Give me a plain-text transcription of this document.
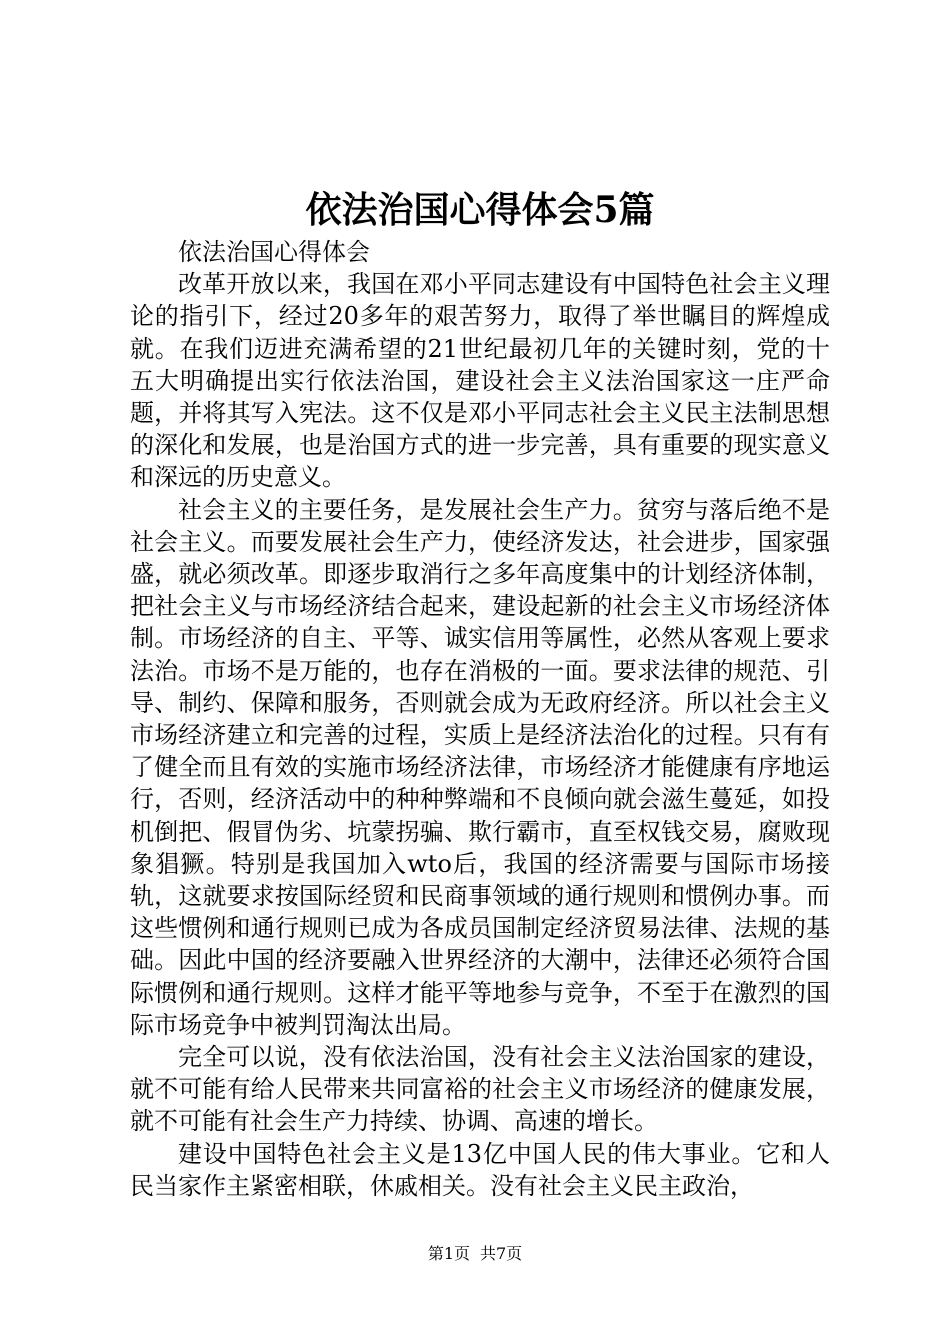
依法治国心得体会5篇

依法治国心得体会

改革开放以来，我国在邓小平同志建设有中国特色社会主义理论的指引下，经过20多年的艰苦努力，取得了举世瞩目的辉煌成就。在我们迈进充满希望的21世纪最初几年的关键时刻，党的十五大明确提出实行依法治国，建设社会主义法治国家这一庄严命题，并将其写入宪法。这不仅是邓小平同志社会主义民主法制思想的深化和发展，也是治国方式的进一步完善，具有重要的现实意义和深远的历史意义。

社会主义的主要任务，是发展社会生产力。贫穷与落后绝不是社会主义。而要发展社会生产力，使经济发达，社会进步，国家强盛，就必须改革。即逐步取消行之多年高度集中的计划经济体制，把社会主义与市场经济结合起来，建设起新的社会主义市场经济体制。市场经济的自主、平等、诚实信用等属性，必然从客观上要求法治。市场不是万能的，也存在消极的一面。要求法律的规范、引导、制约、保障和服务，否则就会成为无政府经济。所以社会主义市场经济建立和完善的过程，实质上是经济法治化的过程。只有有了健全而且有效的实施市场经济法律，市场经济才能健康有序地运行，否则，经济活动中的种种弊端和不良倾向就会滋生蔓延，如投机倒把、假冒伪劣、坑蒙拐骗、欺行霸市，直至权钱交易，腐败现象猖獗。特别是我国加入wto后，我国的经济需要与国际市场接轨，这就要求按国际经贸和民商事领域的通行规则和惯例办事。而这些惯例和通行规则已成为各成员国制定经济贸易法律、法规的基础。因此中国的经济要融入世界经济的大潮中，法律还必须符合国际惯例和通行规则。这样才能平等地参与竞争，不至于在激烈的国际市场竞争中被判罚淘汰出局。

完全可以说，没有依法治国，没有社会主义法治国家的建设，就不可能有给人民带来共同富裕的社会主义市场经济的健康发展，就不可能有社会生产力持续、协调、高速的增长。

建设中国特色社会主义是13亿中国人民的伟大事业。它和人民当家作主紧密相联，休戚相关。没有社会主义民主政治，

第1页 共7页
